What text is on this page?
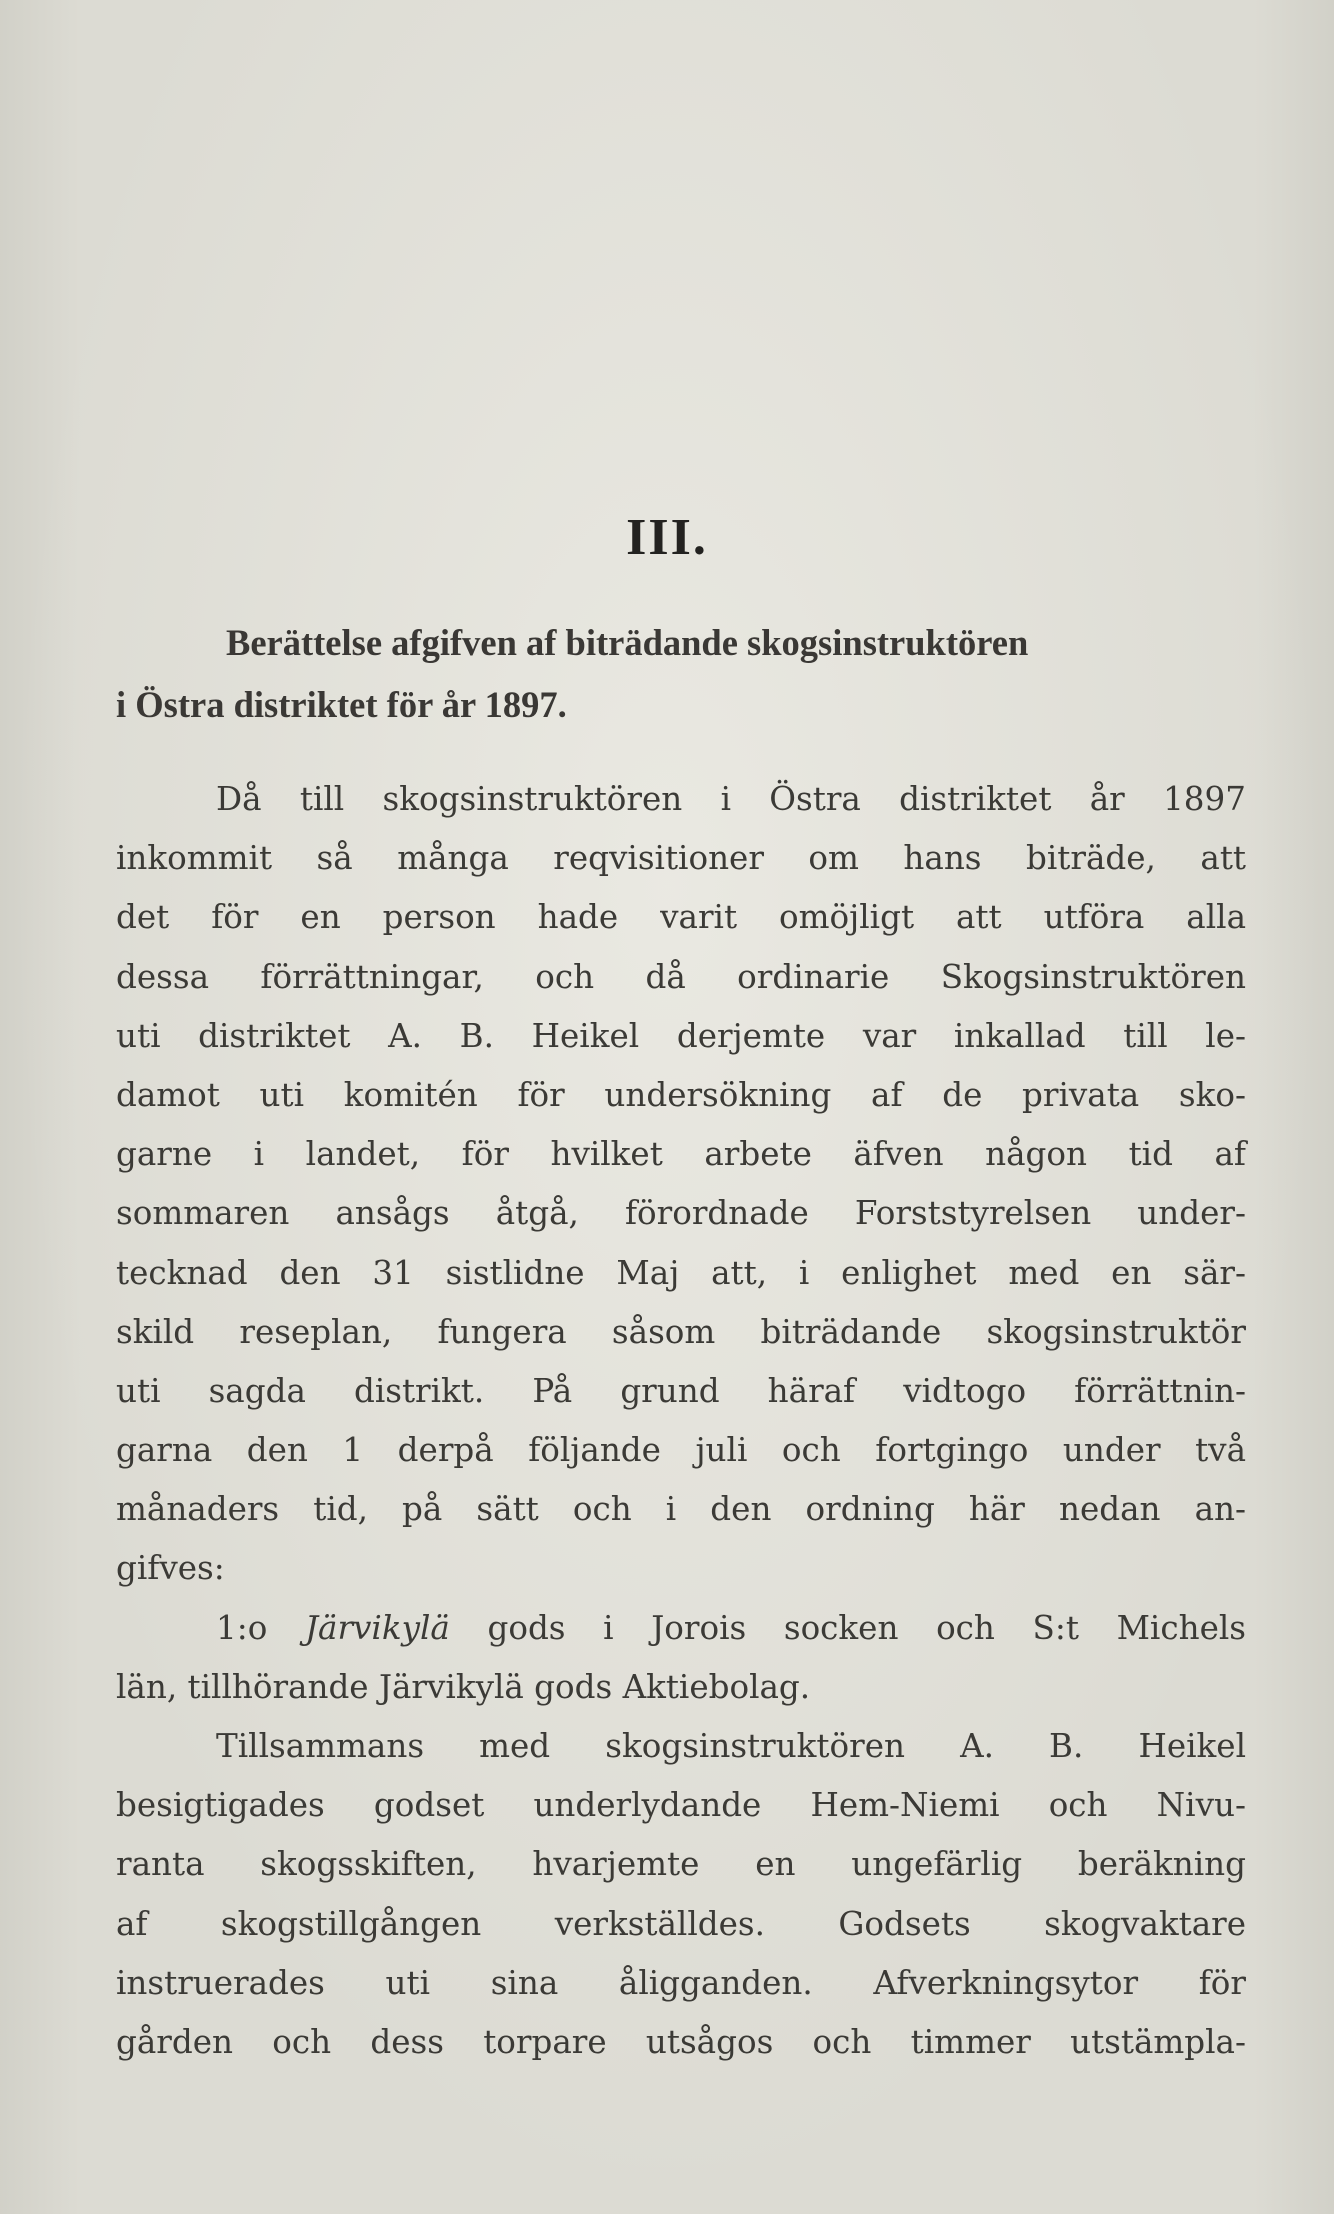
III.
Berättelse afgifven af biträdande skogsinstruktören
i Östra distriktet för år 1897.
Då till skogsinstruktören i Östra distriktet år 1897
inkommit så många reqvisitioner om hans biträde, att
det för en person hade varit omöjligt att utföra alla
dessa förrättningar, och då ordinarie Skogsinstruktören
uti distriktet A. B. Heikel derjemte var inkallad till le-
damot uti komitén för undersökning af de privata sko-
garne i landet, för hvilket arbete äfven någon tid af
sommaren ansågs åtgå, förordnade Forststyrelsen under-
tecknad den 31 sistlidne Maj att, i enlighet med en sär-
skild reseplan, fungera såsom biträdande skogsinstruktör
uti sagda distrikt. På grund häraf vidtogo förrättnin-
garna den 1 derpå följande juli och fortgingo under två
månaders tid, på sätt och i den ordning här nedan an-
gifves:
1:o Järvikylä gods i Jorois socken och S:t Michels
län, tillhörande Järvikylä gods Aktiebolag.
Tillsammans med skogsinstruktören A. B. Heikel
besigtigades godset underlydande Hem-Niemi och Nivu-
ranta skogsskiften, hvarjemte en ungefärlig beräkning
af skogstillgången verkställdes. Godsets skogvaktare
instruerades uti sina åligganden. Afverkningsytor för
gården och dess torpare utsågos och timmer utstämpla-
